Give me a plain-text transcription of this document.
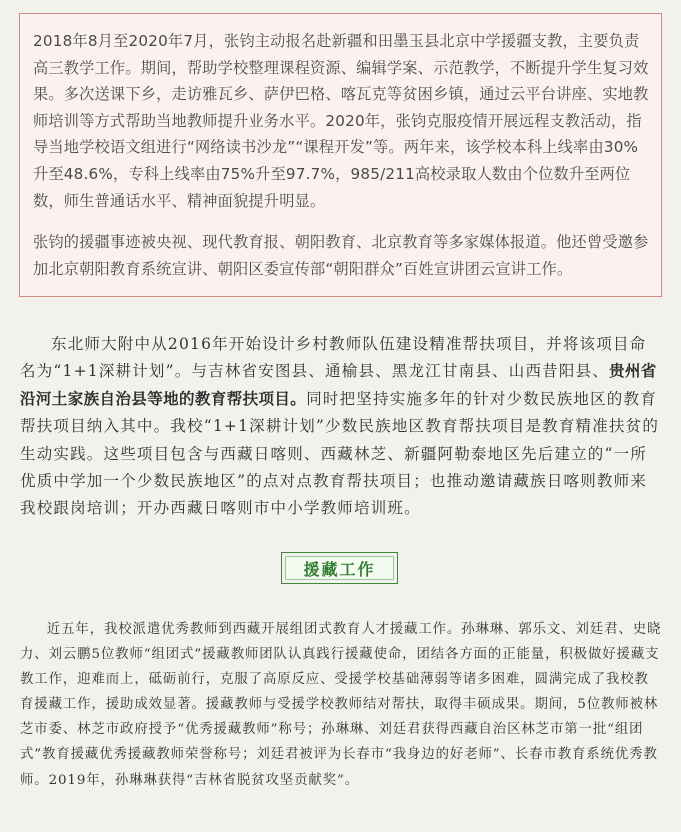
2018年8月至2020年7月，张钧主动报名赴新疆和田墨玉县北京中学援疆支教，主要负责高三教学工作。期间，帮助学校整理课程资源、编辑学案、示范教学，不断提升学生复习效果。多次送课下乡，走访雅瓦乡、萨伊巴格、喀瓦克等贫困乡镇，通过云平台讲座、实地教师培训等方式帮助当地教师提升业务水平。2020年，张钧克服疫情开展远程支教活动，指导当地学校语文组进行“网络读书沙龙”“课程开发”等。两年来，该学校本科上线率由30%升至48.6%，专科上线率由75%升至97.7%，985/211高校录取人数由个位数升至两位数，师生普通话水平、精神面貌提升明显。

张钧的援疆事迹被央视、现代教育报、朝阳教育、北京教育等多家媒体报道。他还曾受邀参加北京朝阳教育系统宣讲、朝阳区委宣传部“朝阳群众”百姓宣讲团云宣讲工作。

东北师大附中从2016年开始设计乡村教师队伍建设精准帮扶项目，并将该项目命名为“1+1深耕计划”。与吉林省安图县、通榆县、黑龙江甘南县、山西昔阳县、贵州省沿河土家族自治县等地的教育帮扶项目。同时把坚持实施多年的针对少数民族地区的教育帮扶项目纳入其中。我校“1+1深耕计划”少数民族地区教育帮扶项目是教育精准扶贫的生动实践。这些项目包含与西藏日喀则、西藏林芝、新疆阿勒泰地区先后建立的“一所优质中学加一个少数民族地区”的点对点教育帮扶项目；也推动邀请藏族日喀则教师来我校跟岗培训；开办西藏日喀则市中小学教师培训班。

援藏工作

近五年，我校派遣优秀教师到西藏开展组团式教育人才援藏工作。孙琳琳、郭乐文、刘廷君、史晓力、刘云鹏5位教师“组团式”援藏教师团队认真践行援藏使命，团结各方面的正能量，积极做好援藏支教工作，迎难而上，砥砺前行，克服了高原反应、受援学校基础薄弱等诸多困难，圆满完成了我校教育援藏工作，援助成效显著。援藏教师与受援学校教师结对帮扶，取得丰硕成果。期间，5位教师被林芝市委、林芝市政府授予“优秀援藏教师”称号；孙琳琳、刘廷君获得西藏自治区林芝市第一批“组团式”教育援藏优秀援藏教师荣誉称号；刘廷君被评为长春市“我身边的好老师”、长春市教育系统优秀教师。2019年，孙琳琳获得“吉林省脱贫攻坚贡献奖”。
